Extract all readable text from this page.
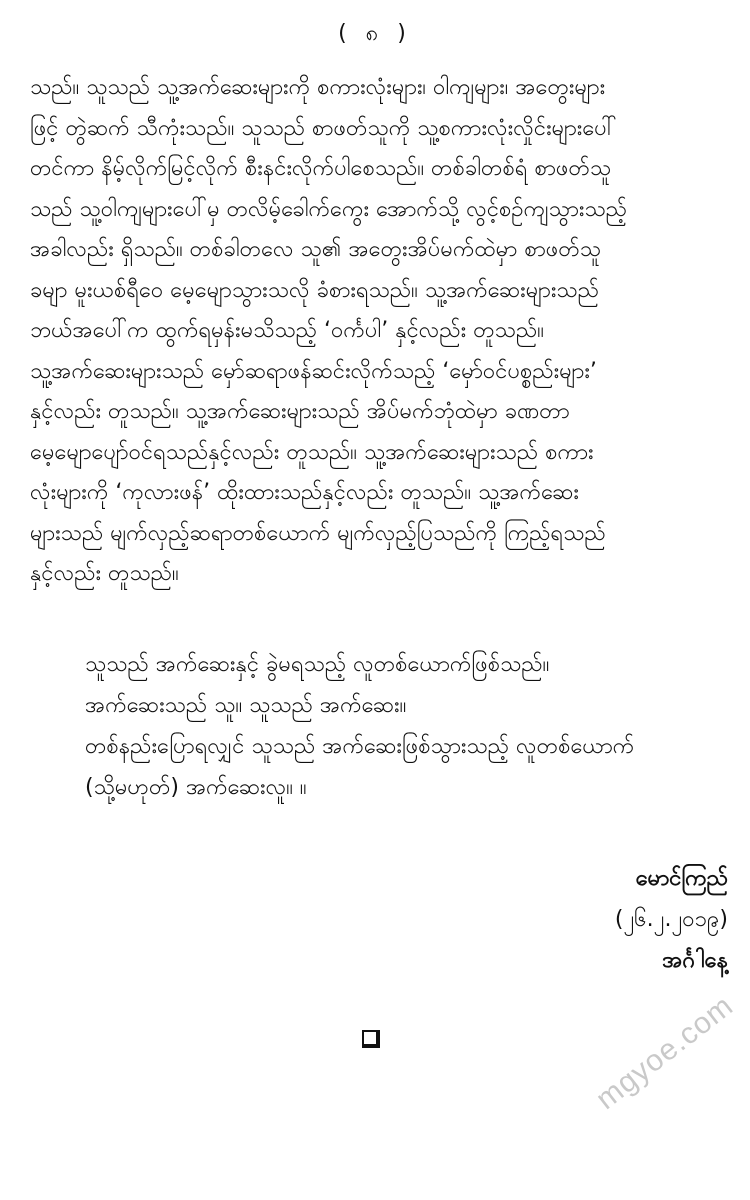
( ၈ )

သည်။ သူသည် သူ့အက်ဆေးများကို စကားလုံးများ၊ ဝါကျများ၊ အတွေးများ

ဖြင့် တွဲဆက် သီကုံးသည်။ သူသည် စာဖတ်သူကို သူ့စကားလုံးလှိုင်းများပေါ်

တင်ကာ နိမ့်လိုက်မြင့်လိုက် စီးနင်းလိုက်ပါစေသည်။ တစ်ခါတစ်ရံ စာဖတ်သူ

သည် သူ့ဝါကျများပေါ်မှ တလိမ့်ခေါက်ကွေး အောက်သို့ လွင့်စဉ်ကျသွားသည့်

အခါလည်း ရှိသည်။ တစ်ခါတလေ သူ၏ အတွေးအိပ်မက်ထဲမှာ စာဖတ်သူ

ခမျာ မူးယစ်ရီဝေ မေ့မျောသွားသလို ခံစားရသည်။ သူ့အက်ဆေးများသည်

ဘယ်အပေါ်က ထွက်ရမှန်းမသိသည့် ‘ဝင်္ကပါ’ နှင့်လည်း တူသည်။

သူ့အက်ဆေးများသည် မှော်ဆရာဖန်ဆင်းလိုက်သည့် ‘မှော်ဝင်ပစ္စည်းများ’

နှင့်လည်း တူသည်။ သူ့အက်ဆေးများသည် အိပ်မက်ဘုံထဲမှာ ခဏတာ

မေ့မျောပျော်ဝင်ရသည်နှင့်လည်း တူသည်။ သူ့အက်ဆေးများသည် စကား

လုံးများကို ‘ကုလားဖန်’ ထိုးထားသည်နှင့်လည်း တူသည်။ သူ့အက်ဆေး

များသည် မျက်လှည့်ဆရာတစ်ယောက် မျက်လှည့်ပြသည်ကို ကြည့်ရသည်

နှင့်လည်း တူသည်။

သူသည် အက်ဆေးနှင့် ခွဲမရသည့် လူတစ်ယောက်ဖြစ်သည်။

အက်ဆေးသည် သူ။ သူသည် အက်ဆေး။

တစ်နည်းပြောရလျှင် သူသည် အက်ဆေးဖြစ်သွားသည့် လူတစ်ယောက်

(သို့မဟုတ်) အက်ဆေးလူ။ ။

မောင်ကြည်
(၂၆.၂.၂၀၁၉)
အင်္ဂါနေ့
mgyoe.com
